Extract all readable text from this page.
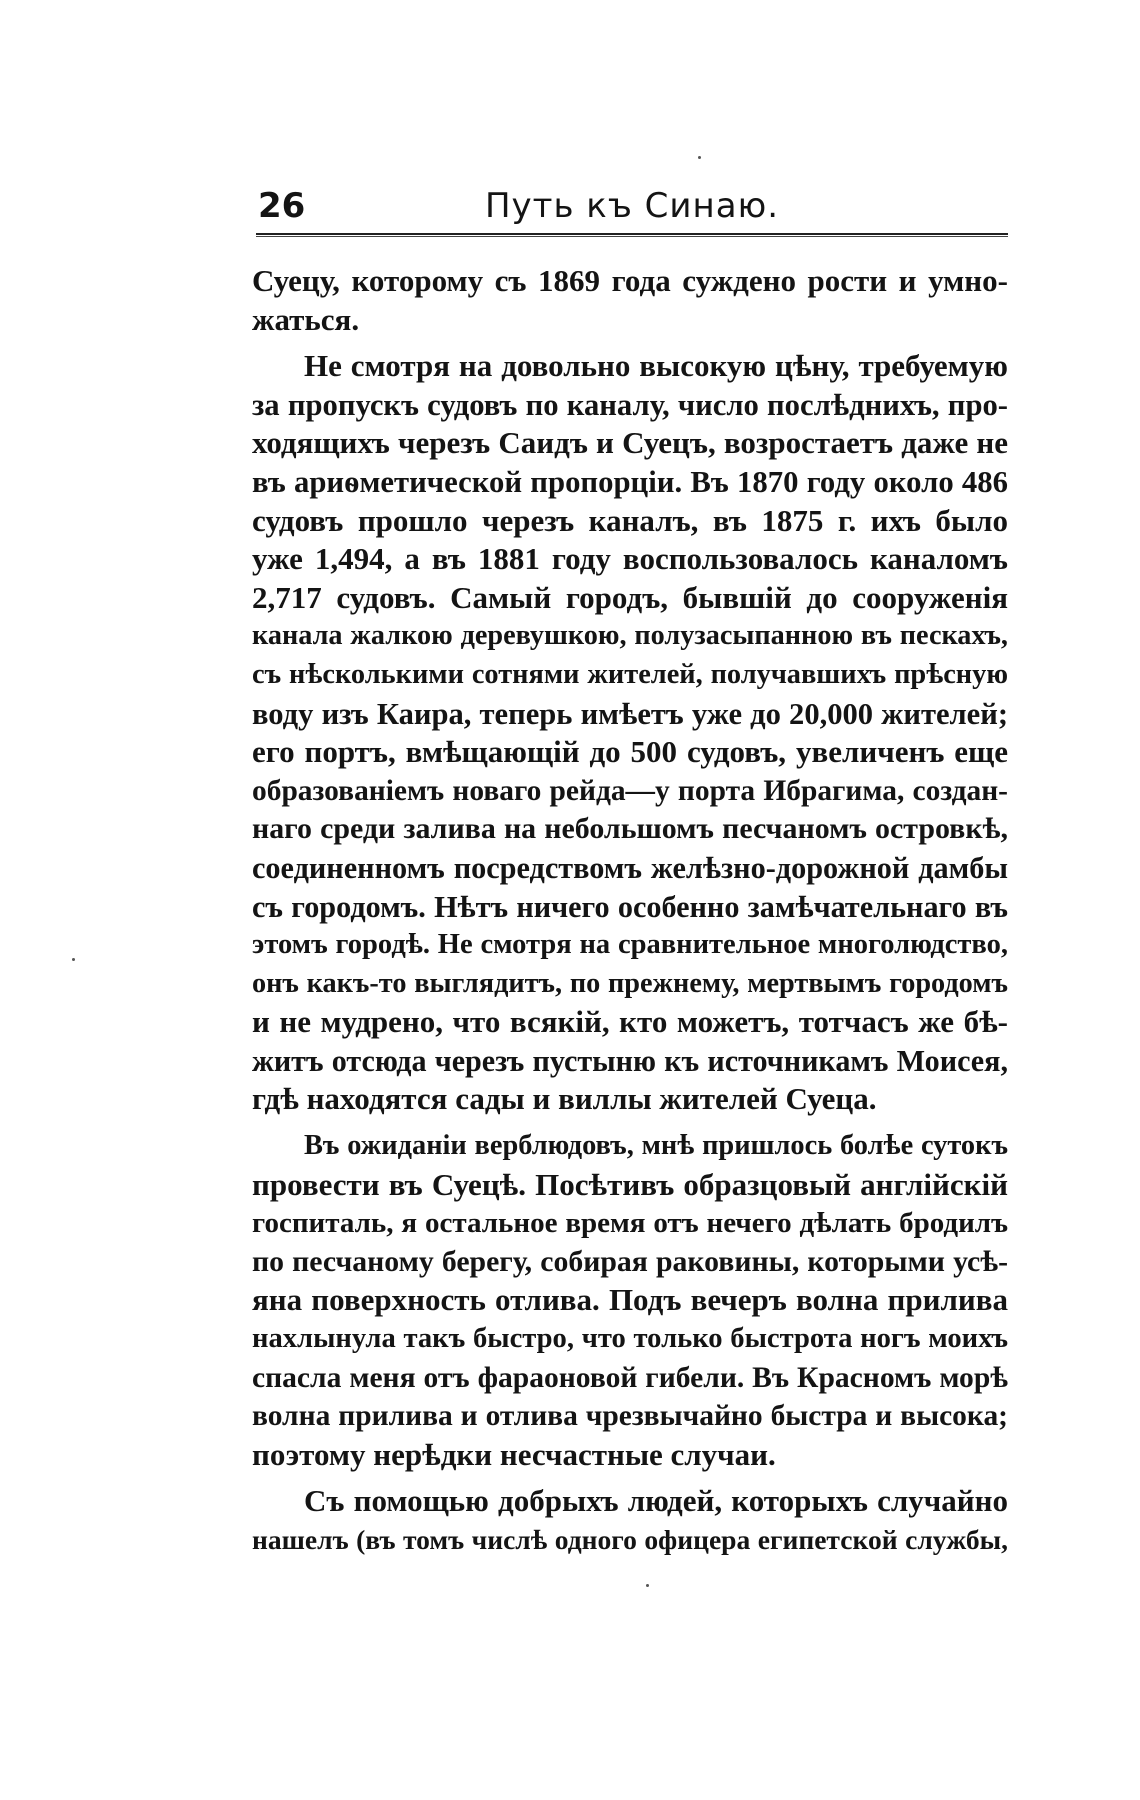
26	Путь къ Синаю.
Суецу, которому съ 1869 года суждено рости и умно-
жаться.
Не смотря на довольно высокую цѣну, требуемую
за пропускъ судовъ по каналу, число послѣднихъ, про-
ходящихъ черезъ Саидъ и Суецъ, возростаетъ даже не
въ ариѳметической пропорціи. Въ 1870 году около 486
судовъ прошло черезъ каналъ, въ 1875 г. ихъ было
уже 1,494, а въ 1881 году воспользовалось каналомъ
2,717 судовъ. Самый городъ, бывшій до сооруженія
канала жалкою деревушкою, полузасыпанною въ пескахъ,
съ нѣсколькими сотнями жителей, получавшихъ прѣсную
воду изъ Каира, теперь имѣетъ уже до 20,000 жителей;
его портъ, вмѣщающій до 500 судовъ, увеличенъ еще
образованіемъ новаго рейда—у порта Ибрагима, создан-
наго среди залива на небольшомъ песчаномъ островкѣ,
соединенномъ посредствомъ желѣзно-дорожной дамбы
съ городомъ. Нѣтъ ничего особенно замѣчательнаго въ
этомъ городѣ. Не смотря на сравнительное многолюдство,
онъ какъ-то выглядитъ, по прежнему, мертвымъ городомъ
и не мудрено, что всякій, кто можетъ, тотчасъ же бѣ-
житъ отсюда черезъ пустыню къ источникамъ Моисея,
гдѣ находятся сады и виллы жителей Суеца.
Въ ожиданіи верблюдовъ, мнѣ пришлось болѣе сутокъ
провести въ Суецѣ. Посѣтивъ образцовый англійскій
госпиталь, я остальное время отъ нечего дѣлать бродилъ
по песчаному берегу, собирая раковины, которыми усѣ-
яна поверхность отлива. Подъ вечеръ волна прилива
нахлынула такъ быстро, что только быстрота ногъ моихъ
спасла меня отъ фараоновой гибели. Въ Красномъ морѣ
волна прилива и отлива чрезвычайно быстра и высока;
поэтому нерѣдки несчастные случаи.
Съ помощью добрыхъ людей, которыхъ случайно
нашелъ (въ томъ числѣ одного офицера египетской службы,
